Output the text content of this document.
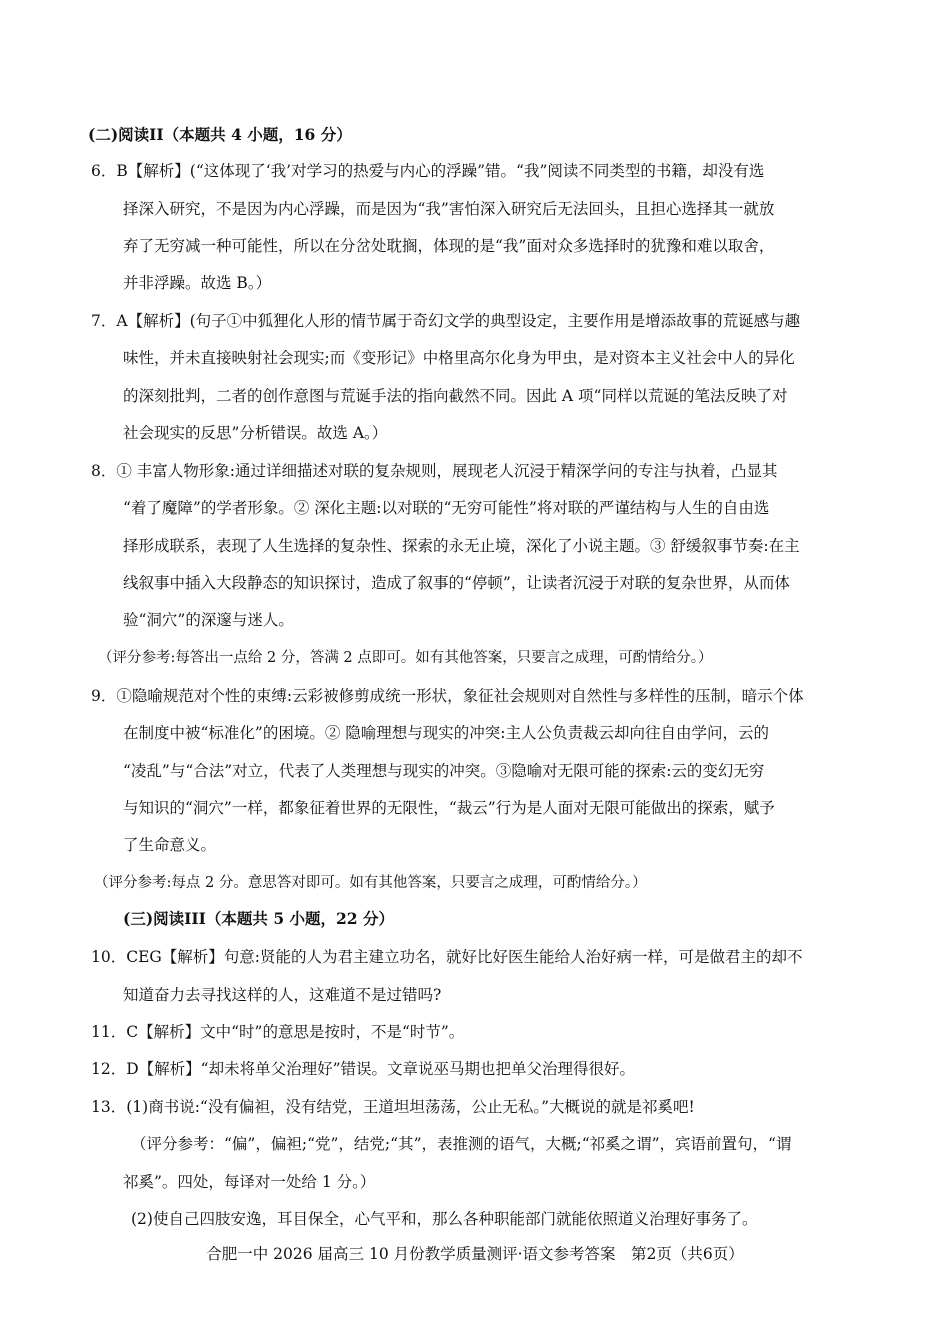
(二)阅读II（本题共 4 小题，16 分）
6．B【解析】(“这体现了‘我’对学习的热爱与内心的浮躁”错。“我”阅读不同类型的书籍，却没有选
择深入研究，不是因为内心浮躁，而是因为“我”害怕深入研究后无法回头，且担心选择其一就放
弃了无穷减一种可能性，所以在分岔处耽搁，体现的是“我”面对众多选择时的犹豫和难以取舍，
并非浮躁。故选 B。）
7．A【解析】(句子①中狐狸化人形的情节属于奇幻文学的典型设定，主要作用是增添故事的荒诞感与趣
味性，并未直接映射社会现实;而《变形记》中格里高尔化身为甲虫，是对资本主义社会中人的异化
的深刻批判，二者的创作意图与荒诞手法的指向截然不同。因此 A 项“同样以荒诞的笔法反映了对
社会现实的反思”分析错误。故选 A。）
8．① 丰富人物形象:通过详细描述对联的复杂规则，展现老人沉浸于精深学问的专注与执着，凸显其
“着了魔障”的学者形象。② 深化主题:以对联的“无穷可能性”将对联的严谨结构与人生的自由选
择形成联系，表现了人生选择的复杂性、探索的永无止境，深化了小说主题。③ 舒缓叙事节奏:在主
线叙事中插入大段静态的知识探讨，造成了叙事的“停顿”，让读者沉浸于对联的复杂世界，从而体
验“洞穴”的深邃与迷人。
（评分参考:每答出一点给 2 分，答满 2 点即可。如有其他答案，只要言之成理，可酌情给分。）
9．①隐喻规范对个性的束缚:云彩被修剪成统一形状，象征社会规则对自然性与多样性的压制，暗示个体
在制度中被“标准化”的困境。② 隐喻理想与现实的冲突:主人公负责裁云却向往自由学问，云的
“凌乱”与“合法”对立，代表了人类理想与现实的冲突。③隐喻对无限可能的探索:云的变幻无穷
与知识的“洞穴”一样，都象征着世界的无限性，“裁云”行为是人面对无限可能做出的探索，赋予
了生命意义。
（评分参考:每点 2 分。意思答对即可。如有其他答案，只要言之成理，可酌情给分。）
(三)阅读III（本题共 5 小题，22 分）
10．CEG【解析】句意:贤能的人为君主建立功名，就好比好医生能给人治好病一样，可是做君主的却不
知道奋力去寻找这样的人，这难道不是过错吗?
11．C【解析】文中“时”的意思是按时，不是“时节”。
12．D【解析】“却未将单父治理好”错误。文章说巫马期也把单父治理得很好。
13．(1)商书说:“没有偏袒，没有结党，王道坦坦荡荡，公止无私。”大概说的就是祁奚吧!
（评分参考：“偏”，偏袒;“党”，结党;“其”，表推测的语气，大概;“祁奚之谓”，宾语前置句，“谓
祁奚”。四处，每译对一处给 1 分。）
(2)使自己四肢安逸，耳目保全，心气平和，那么各种职能部门就能依照道义治理好事务了。
合肥一中 2026 届高三 10 月份教学质量测评·语文参考答案　第2页（共6页）
